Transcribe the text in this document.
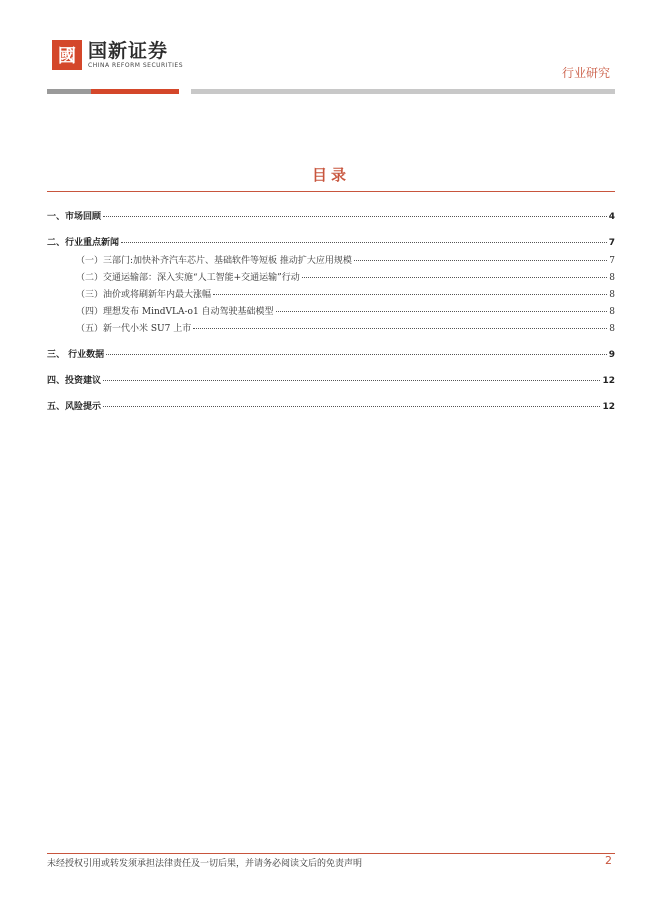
國 国新证券
CHINA REFORM SECURITIES
行业研究
目录
一、市场回顾	4
二、行业重点新闻	7
（一）三部门:加快补齐汽车芯片、基础软件等短板 推动扩大应用规模	7
（二）交通运输部：深入实施“人工智能+交通运输”行动	8
（三）油价或将刷新年内最大涨幅	8
（四）理想发布 MindVLA-o1 自动驾驶基础模型	8
（五）新一代小米 SU7 上市	8
三、 行业数据	9
四、投资建议	12
五、风险提示	12
未经授权引用或转发须承担法律责任及一切后果，并请务必阅读文后的免责声明	2
